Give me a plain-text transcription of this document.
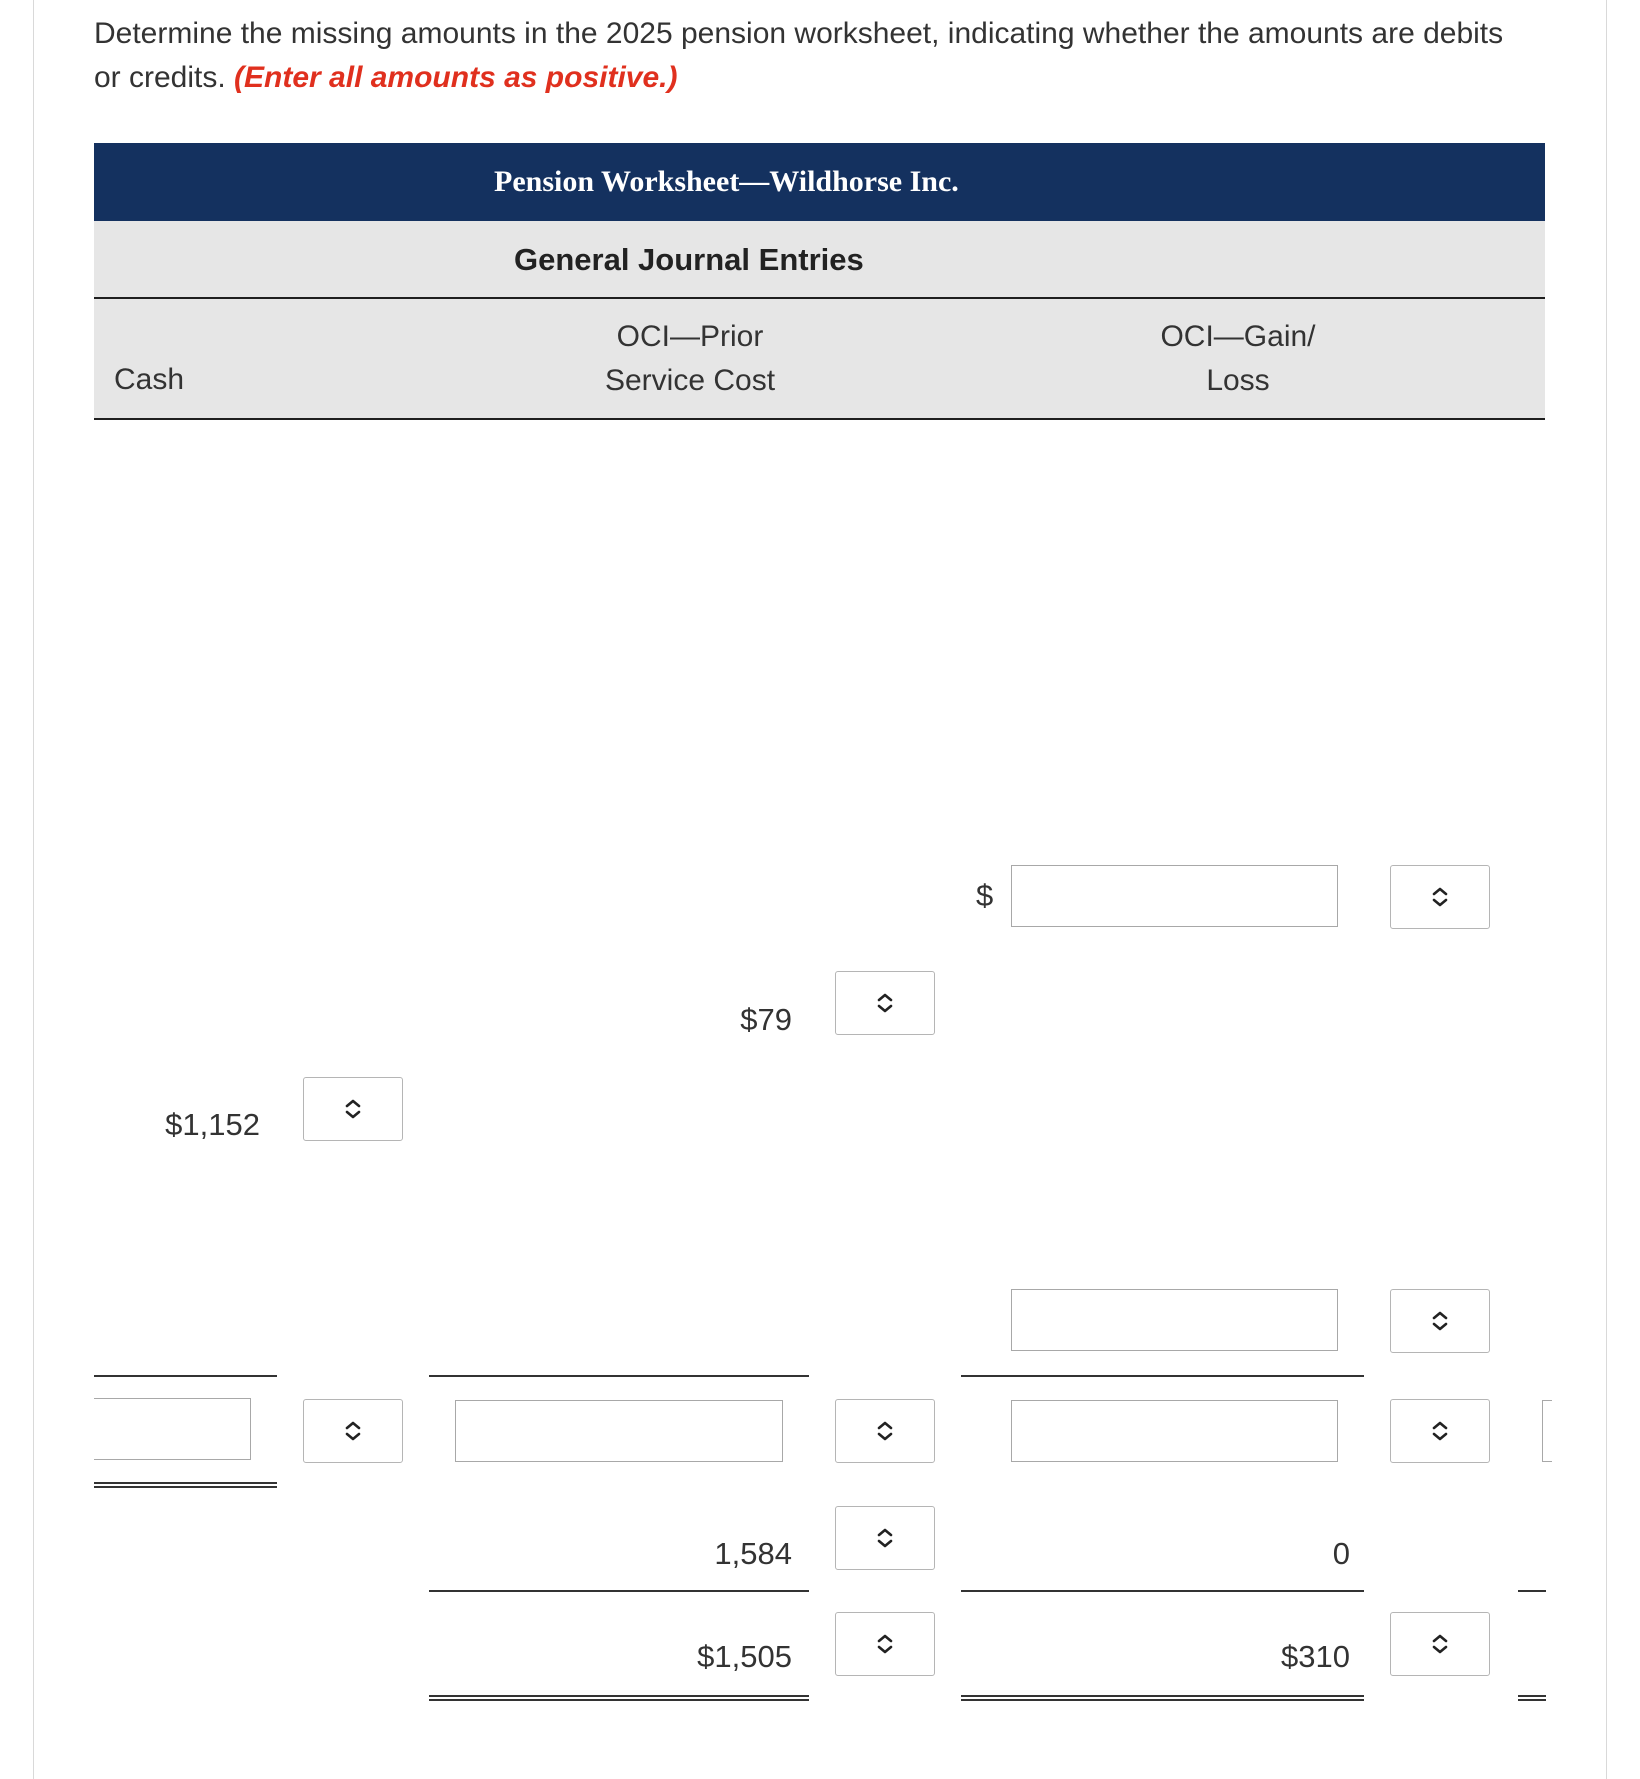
Determine the missing amounts in the 2025 pension worksheet, indicating whether the amounts are debits or credits. (Enter all amounts as positive.)
Pension Worksheet—Wildhorse Inc.
General Journal Entries
Cash
OCI—Prior
Service Cost
OCI—Gain/
Loss
$
$79
$1,152
1,584	0
$1,505	$310
